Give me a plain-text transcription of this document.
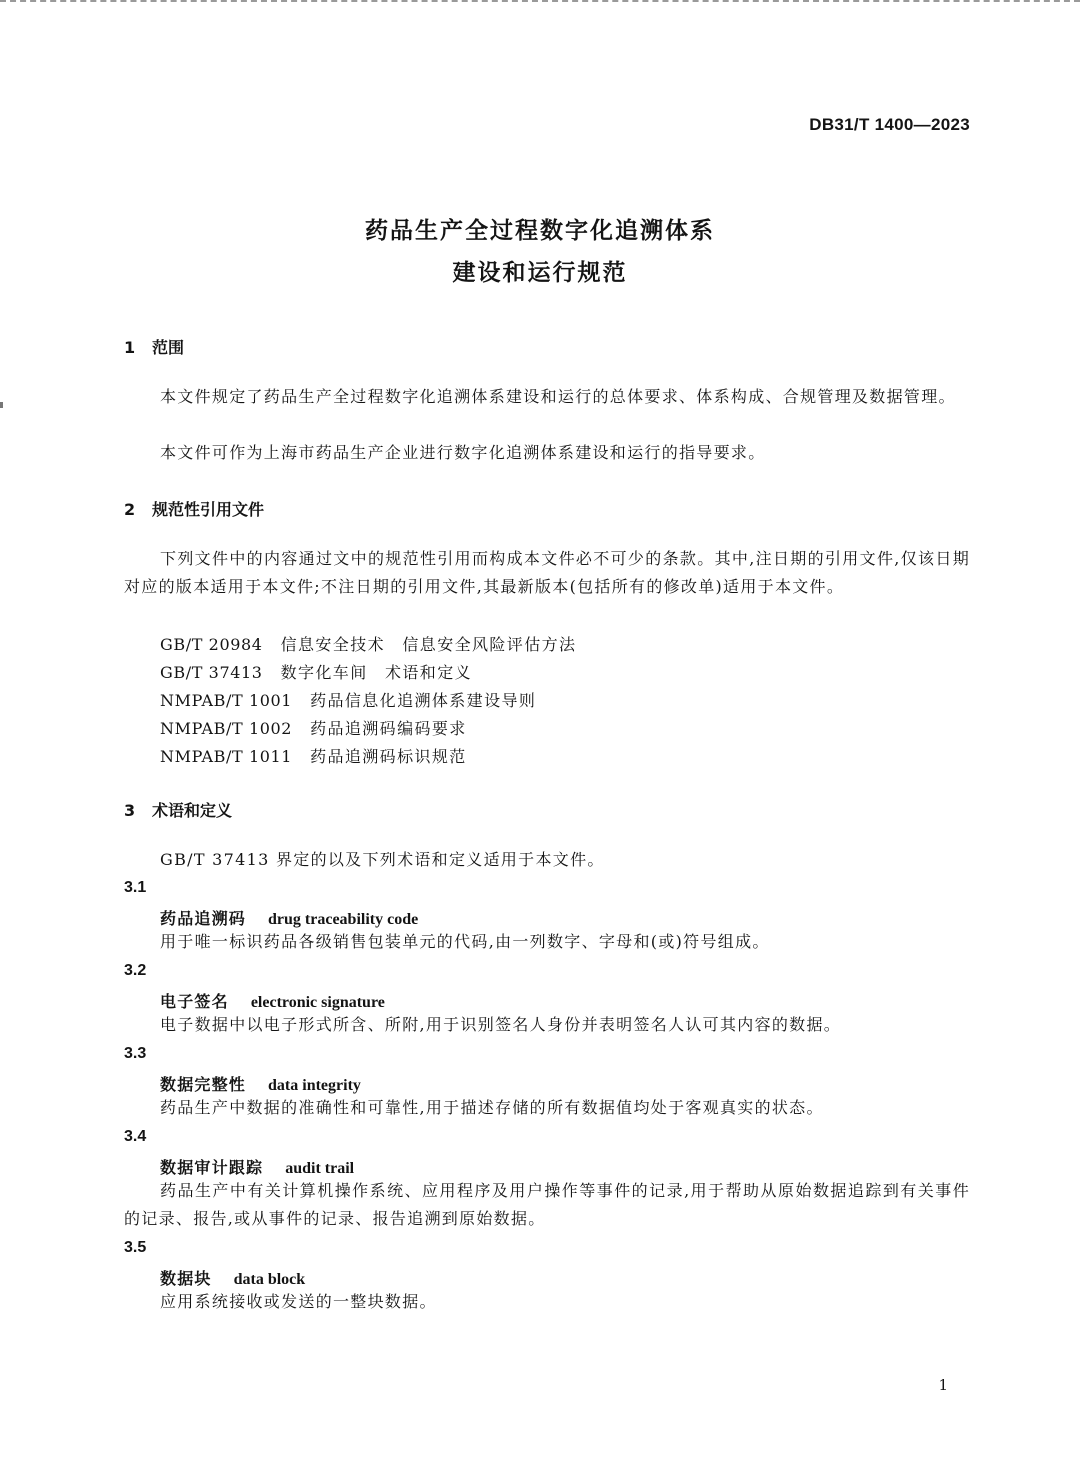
DB31/T 1400—2023
药品生产全过程数字化追溯体系
建设和运行规范
1 范围
本文件规定了药品生产全过程数字化追溯体系建设和运行的总体要求、体系构成、合规管理及数据管理。
本文件可作为上海市药品生产企业进行数字化追溯体系建设和运行的指导要求。
2 规范性引用文件
下列文件中的内容通过文中的规范性引用而构成本文件必不可少的条款。其中,注日期的引用文件,仅该日期对应的版本适用于本文件;不注日期的引用文件,其最新版本(包括所有的修改单)适用于本文件。
GB/T 20984 信息安全技术　信息安全风险评估方法
GB/T 37413 数字化车间　术语和定义
NMPAB/T 1001 药品信息化追溯体系建设导则
NMPAB/T 1002 药品追溯码编码要求
NMPAB/T 1011 药品追溯码标识规范
3 术语和定义
GB/T 37413 界定的以及下列术语和定义适用于本文件。
3.1
药品追溯码 drug traceability code
用于唯一标识药品各级销售包装单元的代码,由一列数字、字母和(或)符号组成。
3.2
电子签名 electronic signature
电子数据中以电子形式所含、所附,用于识别签名人身份并表明签名人认可其内容的数据。
3.3
数据完整性 data integrity
药品生产中数据的准确性和可靠性,用于描述存储的所有数据值均处于客观真实的状态。
3.4
数据审计跟踪 audit trail
药品生产中有关计算机操作系统、应用程序及用户操作等事件的记录,用于帮助从原始数据追踪到有关事件的记录、报告,或从事件的记录、报告追溯到原始数据。
3.5
数据块 data block
应用系统接收或发送的一整块数据。
1
